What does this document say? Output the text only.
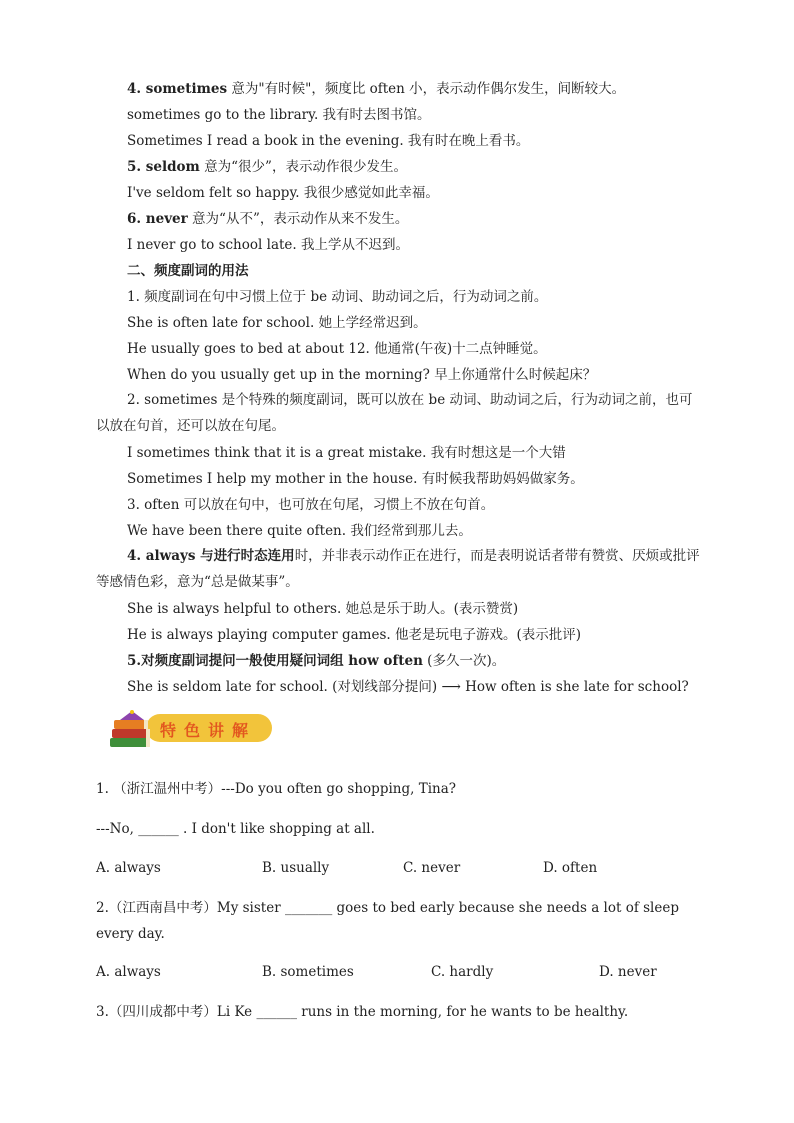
4. sometimes 意为"有时候"，频度比 often 小，表示动作偶尔发生，间断较大。
sometimes go to the library. 我有时去图书馆。
Sometimes I read a book in the evening. 我有时在晚上看书。
5. seldom 意为“很少”，表示动作很少发生。
I've seldom felt so happy. 我很少感觉如此幸福。
6. never 意为“从不”，表示动作从来不发生。
I never go to school late. 我上学从不迟到。
二、频度副词的用法
1. 频度副词在句中习惯上位于 be 动词、助动词之后，行为动词之前。
She is often late for school. 她上学经常迟到。
He usually goes to bed at about 12. 他通常(午夜)十二点钟睡觉。
When do you usually get up in the morning? 早上你通常什么时候起床？
2. sometimes 是个特殊的频度副词，既可以放在 be 动词、助动词之后，行为动词之前，也可以放在句首，还可以放在句尾。
I sometimes think that it is a great mistake. 我有时想这是一个大错
Sometimes I help my mother in the house. 有时候我帮助妈妈做家务。
3. often 可以放在句中，也可放在句尾，习惯上不放在句首。
We have been there quite often. 我们经常到那儿去。
4. always 与进行时态连用时，并非表示动作正在进行，而是表明说话者带有赞赏、厌烦或批评等感情色彩，意为“总是做某事”。
She is always helpful to others. 她总是乐于助人。(表示赞赏)
He is always playing computer games. 他老是玩电子游戏。(表示批评)
5.对频度副词提问一般使用疑问词组 how often (多久一次)。
She is seldom late for school. (对划线部分提问) ⟶ How often is she late for school?
特色讲解
1. （浙江温州中考）---Do you often go shopping, Tina?
---No, ______ . I don't like shopping at all.
A. always	B. usually	C. never	D. often
2.（江西南昌中考）My sister _______ goes to bed early because she needs a lot of sleep
every day.
A. always	B. sometimes	C. hardly	D. never
3.（四川成都中考）Li Ke ______ runs in the morning, for he wants to be healthy.
